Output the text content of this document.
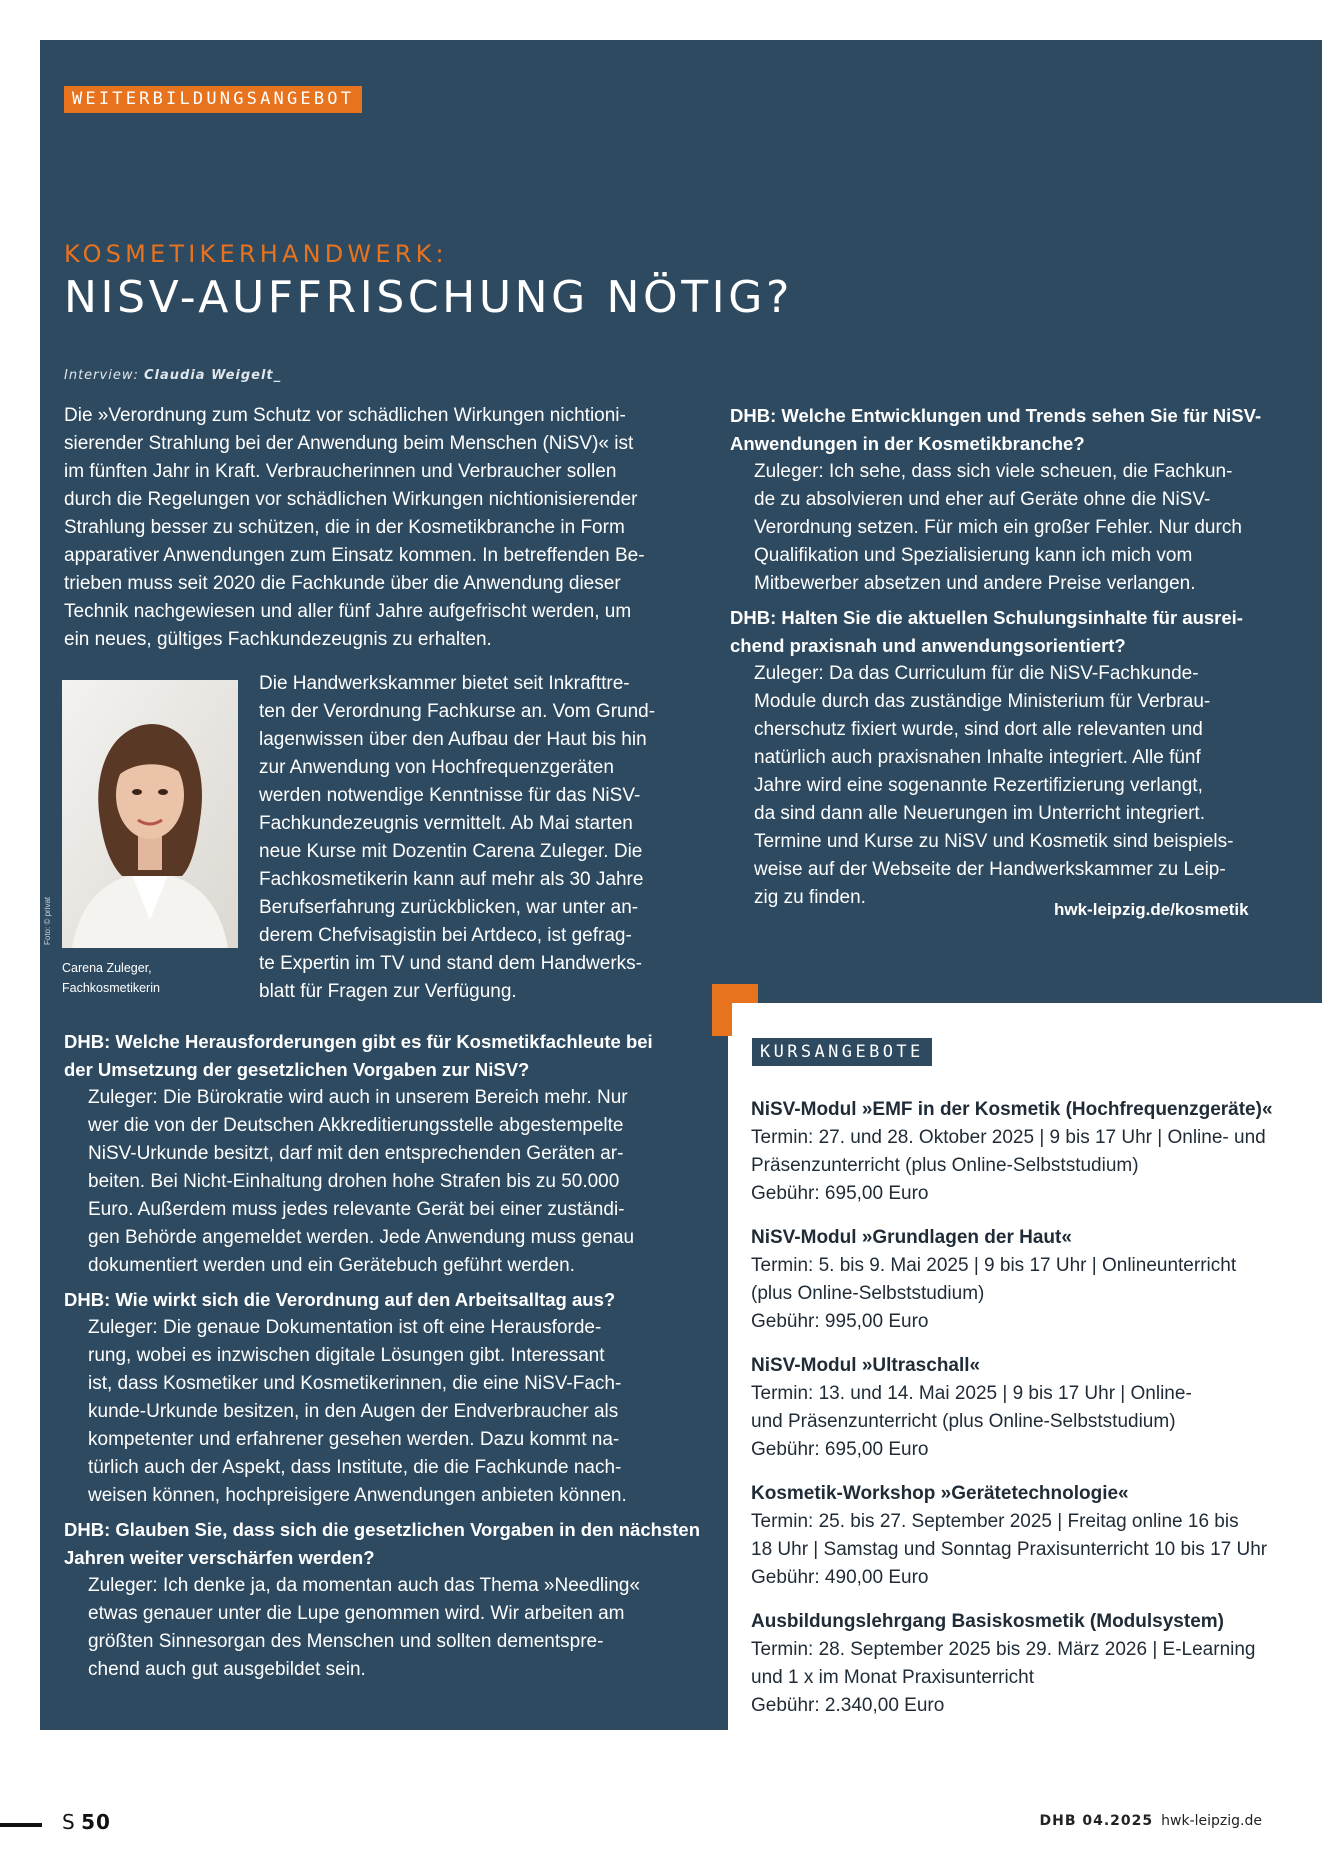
WEITERBILDUNGSANGEBOT
KOSMETIKERHANDWERK:
NISV-AUFFRISCHUNG NÖTIG?
Interview: Claudia Weigelt_
Die »Verordnung zum Schutz vor schädlichen Wirkungen nichtioni-
sierender Strahlung bei der Anwendung beim Menschen (NiSV)« ist
im fünften Jahr in Kraft. Verbraucherinnen und Verbraucher sollen
durch die Regelungen vor schädlichen Wirkungen nichtionisierender
Strahlung besser zu schützen, die in der Kosmetikbranche in Form
apparativer Anwendungen zum Einsatz kommen. In betreffenden Be-
trieben muss seit 2020 die Fachkunde über die Anwendung dieser
Technik nachgewiesen und aller fünf Jahre aufgefrischt werden, um
ein neues, gültiges Fachkundezeugnis zu erhalten.
Foto: © privat
Carena Zuleger,
Fachkosmetikerin
Die Handwerkskammer bietet seit Inkrafttre-
ten der Verordnung Fachkurse an. Vom Grund-
lagenwissen über den Aufbau der Haut bis hin
zur Anwendung von Hochfrequenzgeräten
werden notwendige Kenntnisse für das NiSV-
Fachkundezeugnis vermittelt. Ab Mai starten
neue Kurse mit Dozentin Carena Zuleger. Die
Fachkosmetikerin kann auf mehr als 30 Jahre
Berufserfahrung zurückblicken, war unter an-
derem Chefvisagistin bei Artdeco, ist gefrag-
te Expertin im TV und stand dem Handwerks-
blatt für Fragen zur Verfügung.
DHB: Welche Herausforderungen gibt es für Kosmetikfachleute bei
der Umsetzung der gesetzlichen Vorgaben zur NiSV?
Zuleger: Die Bürokratie wird auch in unserem Bereich mehr. Nur
wer die von der Deutschen Akkreditierungsstelle abgestempelte
NiSV-Urkunde besitzt, darf mit den entsprechenden Geräten ar-
beiten. Bei Nicht-Einhaltung drohen hohe Strafen bis zu 50.000
Euro. Außerdem muss jedes relevante Gerät bei einer zuständi-
gen Behörde angemeldet werden. Jede Anwendung muss genau
dokumentiert werden und ein Gerätebuch geführt werden.
DHB: Wie wirkt sich die Verordnung auf den Arbeitsalltag aus?
Zuleger: Die genaue Dokumentation ist oft eine Herausforde-
rung, wobei es inzwischen digitale Lösungen gibt. Interessant
ist, dass Kosmetiker und Kosmetikerinnen, die eine NiSV-Fach-
kunde-Urkunde besitzen, in den Augen der Endverbraucher als
kompetenter und erfahrener gesehen werden. Dazu kommt na-
türlich auch der Aspekt, dass Institute, die die Fachkunde nach-
weisen können, hochpreisigere Anwendungen anbieten können.
DHB: Glauben Sie, dass sich die gesetzlichen Vorgaben in den nächsten
Jahren weiter verschärfen werden?
Zuleger: Ich denke ja, da momentan auch das Thema »Needling«
etwas genauer unter die Lupe genommen wird. Wir arbeiten am
größten Sinnesorgan des Menschen und sollten dementspre-
chend auch gut ausgebildet sein.
DHB: Welche Entwicklungen und Trends sehen Sie für NiSV-
Anwendungen in der Kosmetikbranche?
Zuleger: Ich sehe, dass sich viele scheuen, die Fachkun-
de zu absolvieren und eher auf Geräte ohne die NiSV-
Verordnung setzen. Für mich ein großer Fehler. Nur durch
Qualifikation und Spezialisierung kann ich mich vom
Mitbewerber absetzen und andere Preise verlangen.
DHB: Halten Sie die aktuellen Schulungsinhalte für ausrei-
chend praxisnah und anwendungsorientiert?
Zuleger: Da das Curriculum für die NiSV-Fachkunde-
Module durch das zuständige Ministerium für Verbrau-
cherschutz fixiert wurde, sind dort alle relevanten und
natürlich auch praxisnahen Inhalte integriert. Alle fünf
Jahre wird eine sogenannte Rezertifizierung verlangt,
da sind dann alle Neuerungen im Unterricht integriert.
Termine und Kurse zu NiSV und Kosmetik sind beispiels-
weise auf der Webseite der Handwerkskammer zu Leip-
zig zu finden.
hwk-leipzig.de/kosmetik
KURSANGEBOTE
NiSV-Modul »EMF in der Kosmetik (Hochfrequenzgeräte)«
Termin: 27. und 28. Oktober 2025 | 9 bis 17 Uhr | Online- und
Präsenzunterricht (plus Online-Selbststudium)
Gebühr: 695,00 Euro
NiSV-Modul »Grundlagen der Haut«
Termin: 5. bis 9. Mai 2025 | 9 bis 17 Uhr | Onlineunterricht
(plus Online-Selbststudium)
Gebühr: 995,00 Euro
NiSV-Modul »Ultraschall«
Termin: 13. und 14. Mai 2025 | 9 bis 17 Uhr | Online-
und Präsenzunterricht (plus Online-Selbststudium)
Gebühr: 695,00 Euro
Kosmetik-Workshop »Gerätetechnologie«
Termin: 25. bis 27. September 2025 | Freitag online 16 bis
18 Uhr | Samstag und Sonntag Praxisunterricht 10 bis 17 Uhr
Gebühr: 490,00 Euro
Ausbildungslehrgang Basiskosmetik (Modulsystem)
Termin: 28. September 2025 bis 29. März 2026 | E-Learning
und 1 x im Monat Praxisunterricht
Gebühr: 2.340,00 Euro
S 50	DHB 04.2025 hwk-leipzig.de
